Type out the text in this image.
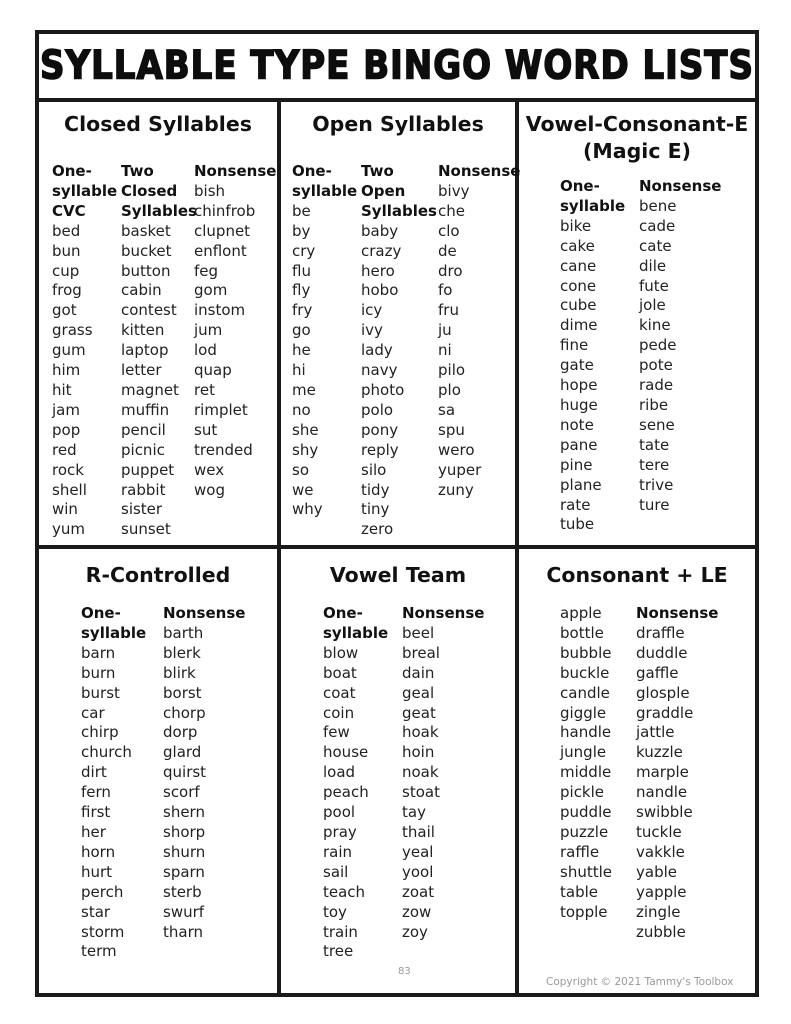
SYLLABLE TYPE BINGO WORD LISTS
Closed Syllables
One-
syllable
CVC
bed
bun
cup
frog
got
grass
gum
him
hit
jam
pop
red
rock
shell
win
yum
Two
Closed
Syllables
basket
bucket
button
cabin
contest
kitten
laptop
letter
magnet
muffin
pencil
picnic
puppet
rabbit
sister
sunset
Nonsense
bish
chinfrob
clupnet
enflont
feg
gom
instom
jum
lod
quap
ret
rimplet
sut
trended
wex
wog
Open Syllables
One-
syllable
be
by
cry
flu
fly
fry
go
he
hi
me
no
she
shy
so
we
why
Two
Open
Syllables
baby
crazy
hero
hobo
icy
ivy
lady
navy
photo
polo
pony
reply
silo
tidy
tiny
zero
Nonsense
bivy
che
clo
de
dro
fo
fru
ju
ni
pilo
plo
sa
spu
wero
yuper
zuny
Vowel-Consonant-E
(Magic E)
One-
syllable
bike
cake
cane
cone
cube
dime
fine
gate
hope
huge
note
pane
pine
plane
rate
tube
Nonsense
bene
cade
cate
dile
fute
jole
kine
pede
pote
rade
ribe
sene
tate
tere
trive
ture
R-Controlled
One-
syllable
barn
burn
burst
car
chirp
church
dirt
fern
first
her
horn
hurt
perch
star
storm
term
Nonsense
barth
blerk
blirk
borst
chorp
dorp
glard
quirst
scorf
shern
shorp
shurn
sparn
sterb
swurf
tharn
Vowel Team
One-
syllable
blow
boat
coat
coin
few
house
load
peach
pool
pray
rain
sail
teach
toy
train
tree
Nonsense
beel
breal
dain
geal
geat
hoak
hoin
noak
stoat
tay
thail
yeal
yool
zoat
zow
zoy
83
Consonant + LE
apple
bottle
bubble
buckle
candle
giggle
handle
jungle
middle
pickle
puddle
puzzle
raffle
shuttle
table
topple
Nonsense
draffle
duddle
gaffle
glosple
graddle
jattle
kuzzle
marple
nandle
swibble
tuckle
vakkle
yable
yapple
zingle
zubble
Copyright © 2021 Tammy's Toolbox
